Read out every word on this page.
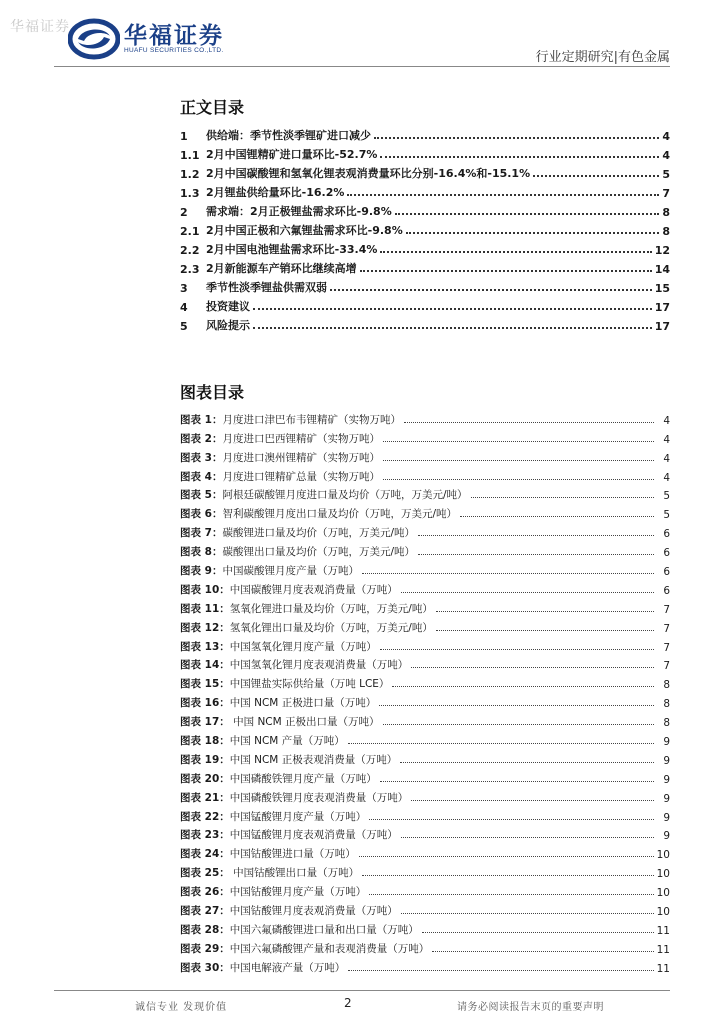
华福证券 华福证券
HUAFU SECURITIES CO.,LTD.	行业定期研究|有色金属
正文目录
1	供给端：季节性淡季锂矿进口减少	4
1.1 2月中国锂精矿进口量环比-52.7%	4
1.2 2月中国碳酸锂和氢氧化锂表观消费量环比分别-16.4%和-15.1%	5
1.3 2月锂盐供给量环比-16.2%	7
2	需求端：2月正极锂盐需求环比-9.8%	8
2.1 2月中国正极和六氟锂盐需求环比-9.8%	8
2.2 2月中国电池锂盐需求环比-33.4%	12
2.3 2月新能源车产销环比继续高增	14
3	季节性淡季锂盐供需双弱	15
4	投资建议	17
5	风险提示	17
图表目录
图表 1： 月度进口津巴布韦锂精矿（实物万吨）	4
图表 2： 月度进口巴西锂精矿（实物万吨）	4
图表 3： 月度进口澳州锂精矿（实物万吨）	4
图表 4： 月度进口锂精矿总量（实物万吨）	4
图表 5： 阿根廷碳酸锂月度进口量及均价（万吨，万美元/吨）	5
图表 6： 智利碳酸锂月度出口量及均价（万吨，万美元/吨）	5
图表 7： 碳酸锂进口量及均价（万吨，万美元/吨）	6
图表 8： 碳酸锂出口量及均价（万吨，万美元/吨）	6
图表 9： 中国碳酸锂月度产量（万吨）	6
图表 10： 中国碳酸锂月度表观消费量（万吨）	6
图表 11： 氢氧化锂进口量及均价（万吨，万美元/吨）	7
图表 12： 氢氧化锂出口量及均价（万吨，万美元/吨）	7
图表 13： 中国氢氧化锂月度产量（万吨）	7
图表 14： 中国氢氧化锂月度表观消费量（万吨）	7
图表 15： 中国锂盐实际供给量（万吨 LCE）	8
图表 16： 中国 NCM 正极进口量（万吨）	8
图表 17： 中国 NCM 正极出口量（万吨）	8
图表 18： 中国 NCM 产量（万吨）	9
图表 19： 中国 NCM 正极表观消费量（万吨）	9
图表 20： 中国磷酸铁锂月度产量（万吨）	9
图表 21： 中国磷酸铁锂月度表观消费量（万吨）	9
图表 22： 中国锰酸锂月度产量（万吨）	9
图表 23： 中国锰酸锂月度表观消费量（万吨）	9
图表 24： 中国钴酸锂进口量（万吨）	10
图表 25： 中国钴酸锂出口量（万吨）	10
图表 26： 中国钴酸锂月度产量（万吨）	10
图表 27： 中国钴酸锂月度表观消费量（万吨）	10
图表 28： 中国六氟磷酸锂进口量和出口量（万吨）	11
图表 29： 中国六氟磷酸锂产量和表观消费量（万吨）	11
图表 30： 中国电解液产量（万吨）	11
诚信专业 发现价值	2	请务必阅读报告末页的重要声明
